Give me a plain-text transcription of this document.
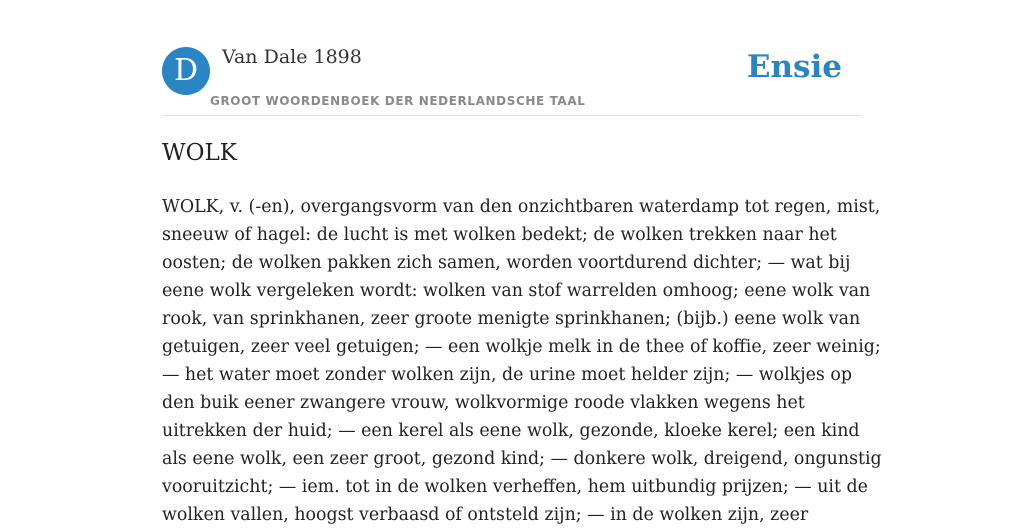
D	Van Dale 1898
GROOT WOORDENBOEK DER NEDERLANDSCHE TAAL
Ensie
WOLK

WOLK, v. (-en), overgangsvorm van den onzichtbaren waterdamp tot regen, mist,
sneeuw of hagel: de lucht is met wolken bedekt; de wolken trekken naar het
oosten; de wolken pakken zich samen, worden voortdurend dichter; — wat bij
eene wolk vergeleken wordt: wolken van stof warrelden omhoog; eene wolk van
rook, van sprinkhanen, zeer groote menigte sprinkhanen; (bijb.) eene wolk van
getuigen, zeer veel getuigen; — een wolkje melk in de thee of koffie, zeer weinig;
— het water moet zonder wolken zijn, de urine moet helder zijn; — wolkjes op
den buik eener zwangere vrouw, wolkvormige roode vlakken wegens het
uitrekken der huid; — een kerel als eene wolk, gezonde, kloeke kerel; een kind
als eene wolk, een zeer groot, gezond kind; — donkere wolk, dreigend, ongunstig
vooruitzicht; — iem. tot in de wolken verheffen, hem uitbundig prijzen; — uit de
wolken vallen, hoogst verbaasd of ontsteld zijn; — in de wolken zijn, zeer
